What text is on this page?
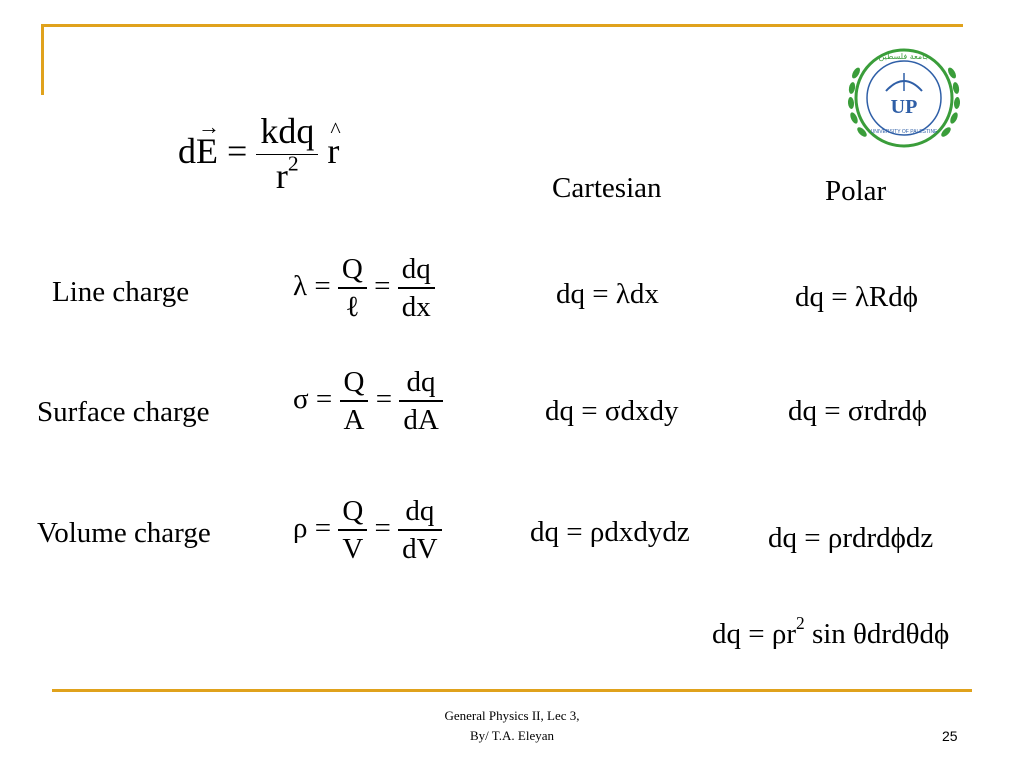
UP
جامعة فلسطين
UNIVERSITY OF PALESTINE
$d\to E = \frac{\text{kdq}}{r^2}$
^ r
Cartesian	Polar
Line charge	$\lambda = \frac{Q}{\text{ℓ}} = \frac{dq}{dx}$	dq = λdx	dq = λRdϕ
Surface charge	$\sigma = \frac{Q}{A} = \frac{dq}{dA}$	dq = σdxdy	dq = σrdrdϕ
Volume charge	$\rho = \frac{Q}{V} = \frac{dq}{dV}$	dq = ρdxdydz	dq = ρrdrdϕdz
dq = $\rho r^2$ sin θdrdθdϕ
General Physics II, Lec 3,
By/ T.A. Eleyan	25
